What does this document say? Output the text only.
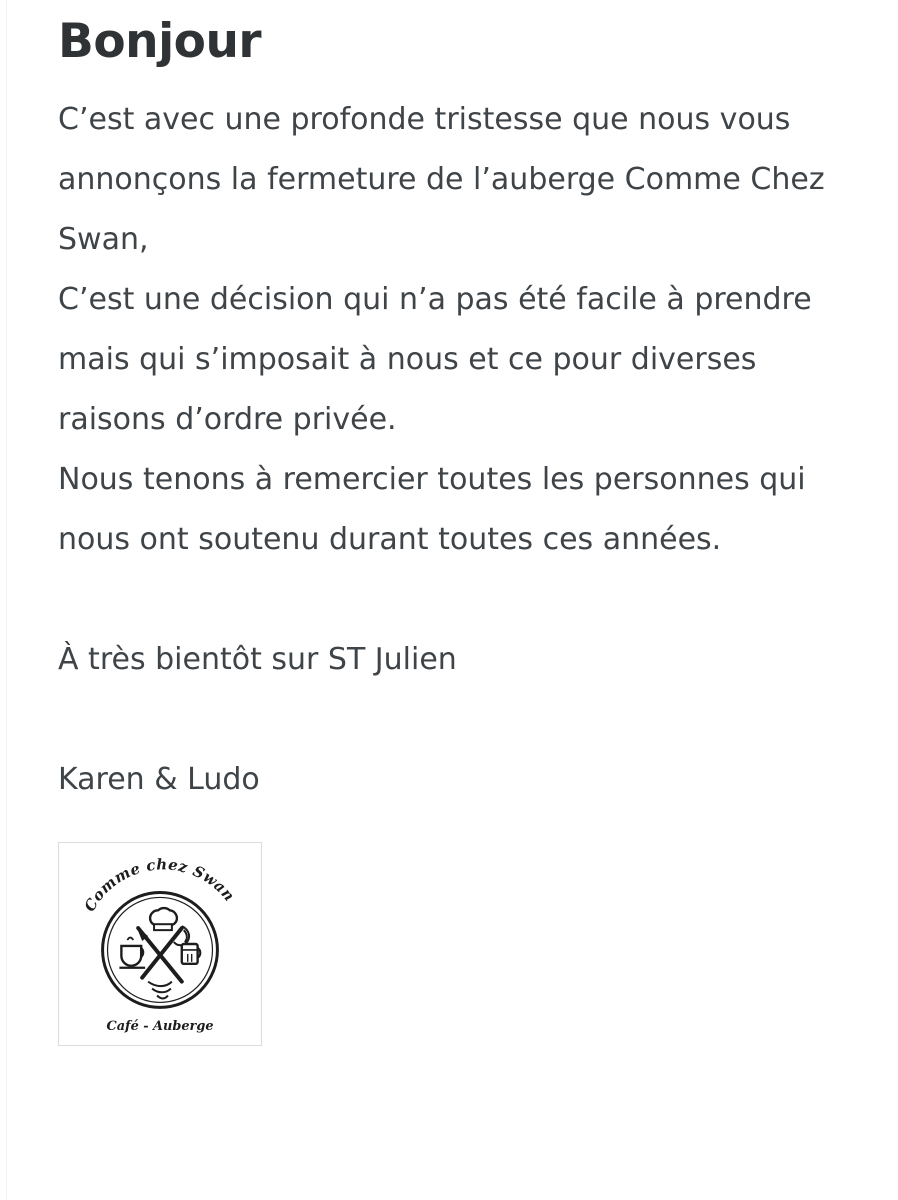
Bonjour

C’est avec une profonde tristesse que nous vous annonçons la fermeture de l’auberge Comme Chez Swan,

C’est une décision qui n’a pas été facile à prendre mais qui s’imposait à nous et ce pour diverses raisons d’ordre privée.

Nous tenons à remercier toutes les personnes qui nous ont soutenu durant toutes ces années.

À très bientôt sur ST Julien

Karen & Ludo

Comme chez Swan
Café - Auberge
